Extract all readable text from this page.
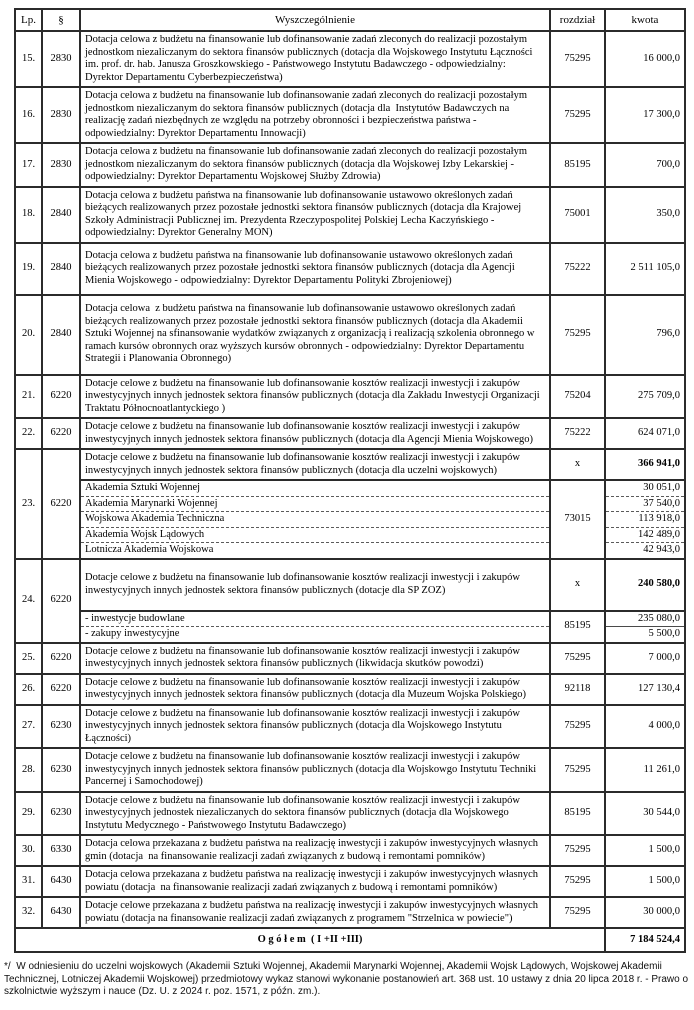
Lp.	§	Wyszczególnienie	rozdział	kwota
15.	2830	Dotacja celowa z budżetu na finansowanie lub dofinansowanie zadań zleconych do realizacji pozostałym jednostkom niezaliczanym do sektora finansów publicznych (dotacja dla Wojskowego Instytutu Łączności im. prof. dr. hab. Janusza Groszkowskiego - Państwowego Instytutu Badawczego - odpowiedzialny: Dyrektor Departamentu Cyberbezpieczeństwa)	75295	16 000,0
16.	2830	Dotacja celowa z budżetu na finansowanie lub dofinansowanie zadań zleconych do realizacji pozostałym jednostkom niezaliczanym do sektora finansów publicznych (dotacja dla  Instytutów Badawczych na realizację zadań niezbędnych ze względu na potrzeby obronności i bezpieczeństwa państwa - odpowiedzialny: Dyrektor Departamentu Innowacji)	75295	17 300,0
17.	2830	Dotacja celowa z budżetu na finansowanie lub dofinansowanie zadań zleconych do realizacji pozostałym jednostkom niezaliczanym do sektora finansów publicznych (dotacja dla Wojskowej Izby Lekarskiej - odpowiedzialny: Dyrektor Departamentu Wojskowej Służby Zdrowia)	85195	700,0
18.	2840	Dotacja celowa z budżetu państwa na finansowanie lub dofinansowanie ustawowo określonych zadań bieżących realizowanych przez pozostałe jednostki sektora finansów publicznych (dotacja dla Krajowej Szkoły Administracji Publicznej im. Prezydenta Rzeczypospolitej Polskiej Lecha Kaczyńskiego - odpowiedzialny: Dyrektor Generalny MON)	75001	350,0
19.	2840	Dotacja celowa z budżetu państwa na finansowanie lub dofinansowanie ustawowo określonych zadań bieżących realizowanych przez pozostałe jednostki sektora finansów publicznych (dotacja dla Agencji Mienia Wojskowego - odpowiedzialny: Dyrektor Departamentu Polityki Zbrojeniowej)	75222	2 511 105,0
20.	2840	Dotacja celowa  z budżetu państwa na finansowanie lub dofinansowanie ustawowo określonych zadań bieżących realizowanych przez pozostałe jednostki sektora finansów publicznych (dotacja dla Akademii Sztuki Wojennej na sfinansowanie wydatków związanych z organizacją i realizacją szkolenia obronnego w ramach kursów obronnych oraz wyższych kursów obronnych - odpowiedzialny: Dyrektor Departamentu Strategii i Planowania Obronnego)	75295	796,0
21.	6220	Dotacje celowe z budżetu na finansowanie lub dofinansowanie kosztów realizacji inwestycji i zakupów inwestycyjnych innych jednostek sektora finansów publicznych (dotacja dla Zakładu Inwestycji Organizacji Traktatu Północnoatlantyckiego )	75204	275 709,0
22.	6220	Dotacje celowe z budżetu na finansowanie lub dofinansowanie kosztów realizacji inwestycji i zakupów inwestycyjnych innych jednostek sektora finansów publicznych (dotacja dla Agencji Mienia Wojskowego)	75222	624 071,0
23.	6220	Dotacje celowe z budżetu na finansowanie lub dofinansowanie kosztów realizacji inwestycji i zakupów inwestycyjnych innych jednostek sektora finansów publicznych (dotacja dla uczelni wojskowych)	x	366 941,0
		Akademia Sztuki Wojennej	73015	30 051,0
		Akademia Marynarki Wojennej		37 540,0
		Wojskowa Akademia Techniczna		113 918,0
		Akademia Wojsk Lądowych		142 489,0
		Lotnicza Akademia Wojskowa		42 943,0
24.	6220	Dotacje celowe z budżetu na finansowanie lub dofinansowanie kosztów realizacji inwestycji i zakupów inwestycyjnych innych jednostek sektora finansów publicznych (dotacje dla SP ZOZ)	x	240 580,0
		- inwestycje budowlane	85195	235 080,0
		- zakupy inwestycyjne		5 500,0
25.	6220	Dotacje celowe z budżetu na finansowanie lub dofinansowanie kosztów realizacji inwestycji i zakupów inwestycyjnych innych jednostek sektora finansów publicznych (likwidacja skutków powodzi)	75295	7 000,0
26.	6220	Dotacje celowe z budżetu na finansowanie lub dofinansowanie kosztów realizacji inwestycji i zakupów inwestycyjnych innych jednostek sektora finansów publicznych (dotacja dla Muzeum Wojska Polskiego)	92118	127 130,4
27.	6230	Dotacje celowe z budżetu na finansowanie lub dofinansowanie kosztów realizacji inwestycji i zakupów inwestycyjnych innych jednostek sektora finansów publicznych (dotacja dla Wojskowego Instytutu Łączności)	75295	4 000,0
28.	6230	Dotacje celowe z budżetu na finansowanie lub dofinansowanie kosztów realizacji inwestycji i zakupów inwestycyjnych innych jednostek sektora finansów publicznych (dotacja dla Wojskowgo Instytutu Techniki Pancernej i Samochodowej)	75295	11 261,0
29.	6230	Dotacje celowe z budżetu na finansowanie lub dofinansowanie kosztów realizacji inwestycji i zakupów inwestycyjnych jednostek niezaliczanych do sektora finansów publicznych (dotacja dla Wojskowego Instytutu Medycznego - Państwowego Instytutu Badawczego)	85195	30 544,0
30.	6330	Dotacja celowa przekazana z budżetu państwa na realizację inwestycji i zakupów inwestycyjnych własnych gmin (dotacja  na finansowanie realizacji zadań związanych z budową i remontami pomników)	75295	1 500,0
31.	6430	Dotacja celowa przekazana z budżetu państwa na realizację inwestycji i zakupów inwestycyjnych własnych powiatu (dotacja  na finansowanie realizacji zadań związanych z budową i remontami pomników)	75295	1 500,0
32.	6430	Dotacje celowe przekazana z budżetu państwa na realizację inwestycji i zakupów inwestycyjnych własnych powiatu (dotacja na finansowanie realizacji zadań związanych z programem "Strzelnica w powiecie")	75295	30 000,0
O g ó ł e m  ( I +II +III)				7 184 524,4
*/  W odniesieniu do uczelni wojskowych (Akademii Sztuki Wojennej, Akademii Marynarki Wojennej, Akademii Wojsk Lądowych, Wojskowej Akademii Technicznej, Lotniczej Akademii Wojskowej) przedmiotowy wykaz stanowi wykonanie postanowień art. 368 ust. 10 ustawy z dnia 20 lipca 2018 r. - Prawo o szkolnictwie wyższym i nauce (Dz. U. z 2024 r. poz. 1571, z późn. zm.).
